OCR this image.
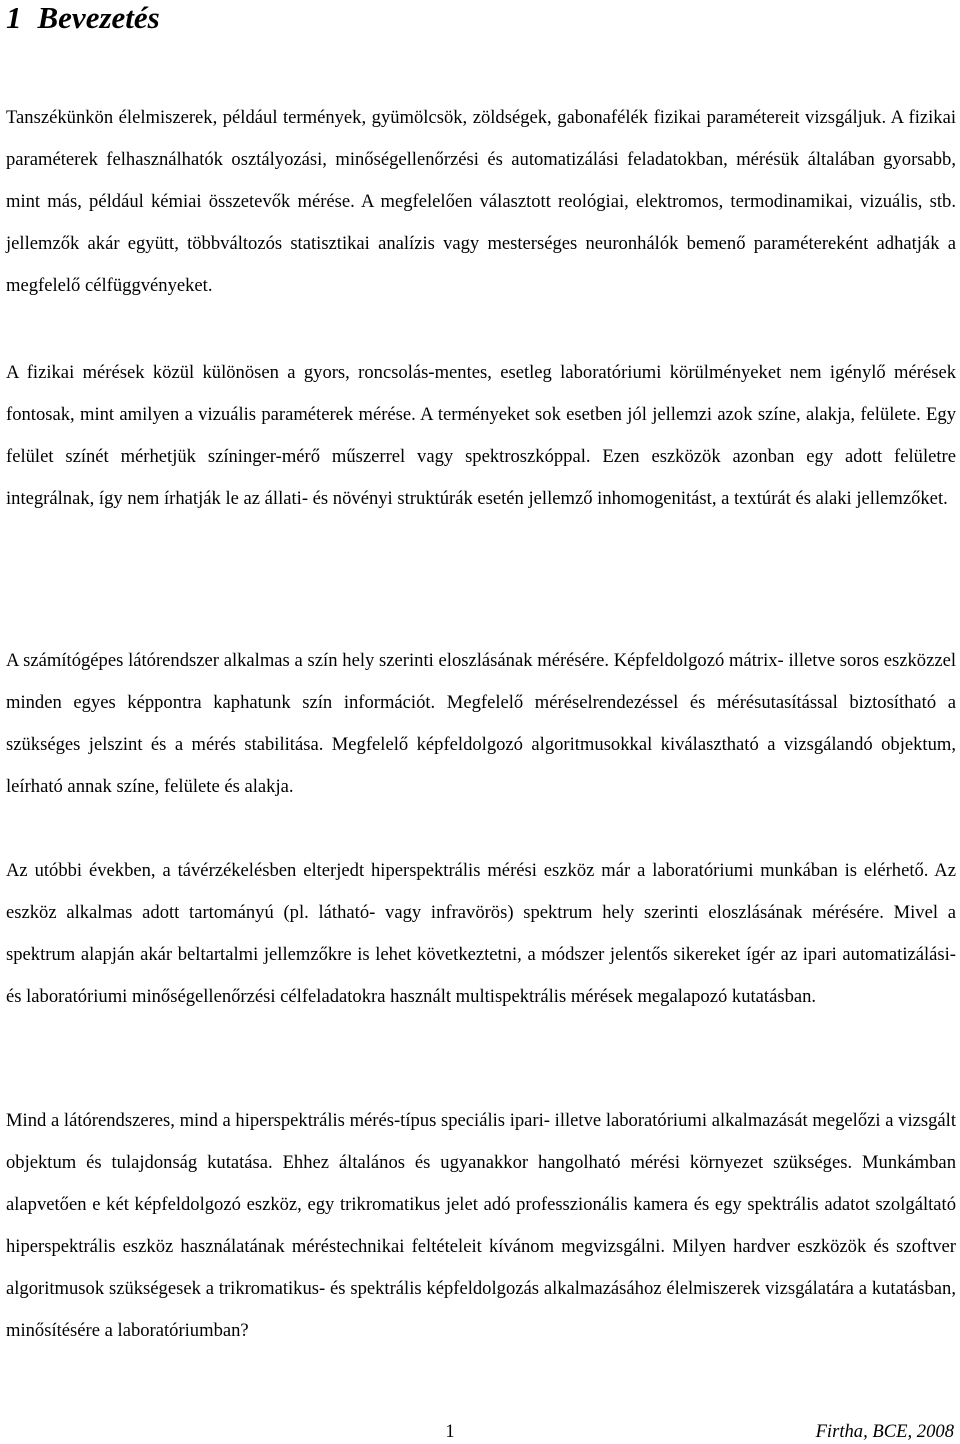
1 Bevezetés

Tanszékünkön élelmiszerek, például termények, gyümölcsök, zöldségek, gabonafélék fizikai paramétereit vizsgáljuk. A fizikai paraméterek felhasználhatók osztályozási, minőségellenőrzési és automatizálási feladatokban, mérésük általában gyorsabb, mint más, például kémiai összetevők mérése. A megfelelően választott reológiai, elektromos, termodinamikai, vizuális, stb. jellemzők akár együtt, többváltozós statisztikai analízis vagy mesterséges neuronhálók bemenő paramétereként adhatják a megfelelő célfüggvényeket.

A fizikai mérések közül különösen a gyors, roncsolás-mentes, esetleg laboratóriumi körülményeket nem igénylő mérések fontosak, mint amilyen a vizuális paraméterek mérése. A terményeket sok esetben jól jellemzi azok színe, alakja, felülete. Egy felület színét mérhetjük színinger-mérő műszerrel vagy spektroszkóppal. Ezen eszközök azonban egy adott felületre integrálnak, így nem írhatják le az állati- és növényi struktúrák esetén jellemző inhomogenitást, a textúrát és alaki jellemzőket.

A számítógépes látórendszer alkalmas a szín hely szerinti eloszlásának mérésére. Képfeldolgozó mátrix- illetve soros eszközzel minden egyes képpontra kaphatunk szín információt. Megfelelő méréselrendezéssel és mérésutasítással biztosítható a szükséges jelszint és a mérés stabilitása. Megfelelő képfeldolgozó algoritmusokkal kiválasztható a vizsgálandó objektum, leírható annak színe, felülete és alakja.

Az utóbbi években, a távérzékelésben elterjedt hiperspektrális mérési eszköz már a laboratóriumi munkában is elérhető. Az eszköz alkalmas adott tartományú (pl. látható- vagy infravörös) spektrum hely szerinti eloszlásának mérésére. Mivel a spektrum alapján akár beltartalmi jellemzőkre is lehet következtetni, a módszer jelentős sikereket ígér az ipari automatizálási- és laboratóriumi minőségellenőrzési célfeladatokra használt multispektrális mérések megalapozó kutatásban.

Mind a látórendszeres, mind a hiperspektrális mérés-típus speciális ipari- illetve laboratóriumi alkalmazását megelőzi a vizsgált objektum és tulajdonság kutatása. Ehhez általános és ugyanakkor hangolható mérési környezet szükséges. Munkámban alapvetően e két képfeldolgozó eszköz, egy trikromatikus jelet adó professzionális kamera és egy spektrális adatot szolgáltató hiperspektrális eszköz használatának méréstechnikai feltételeit kívánom megvizsgálni. Milyen hardver eszközök és szoftver algoritmusok szükségesek a trikromatikus- és spektrális képfeldolgozás alkalmazásához élelmiszerek vizsgálatára a kutatásban, minősítésére a laboratóriumban?

1	Firtha, BCE, 2008
